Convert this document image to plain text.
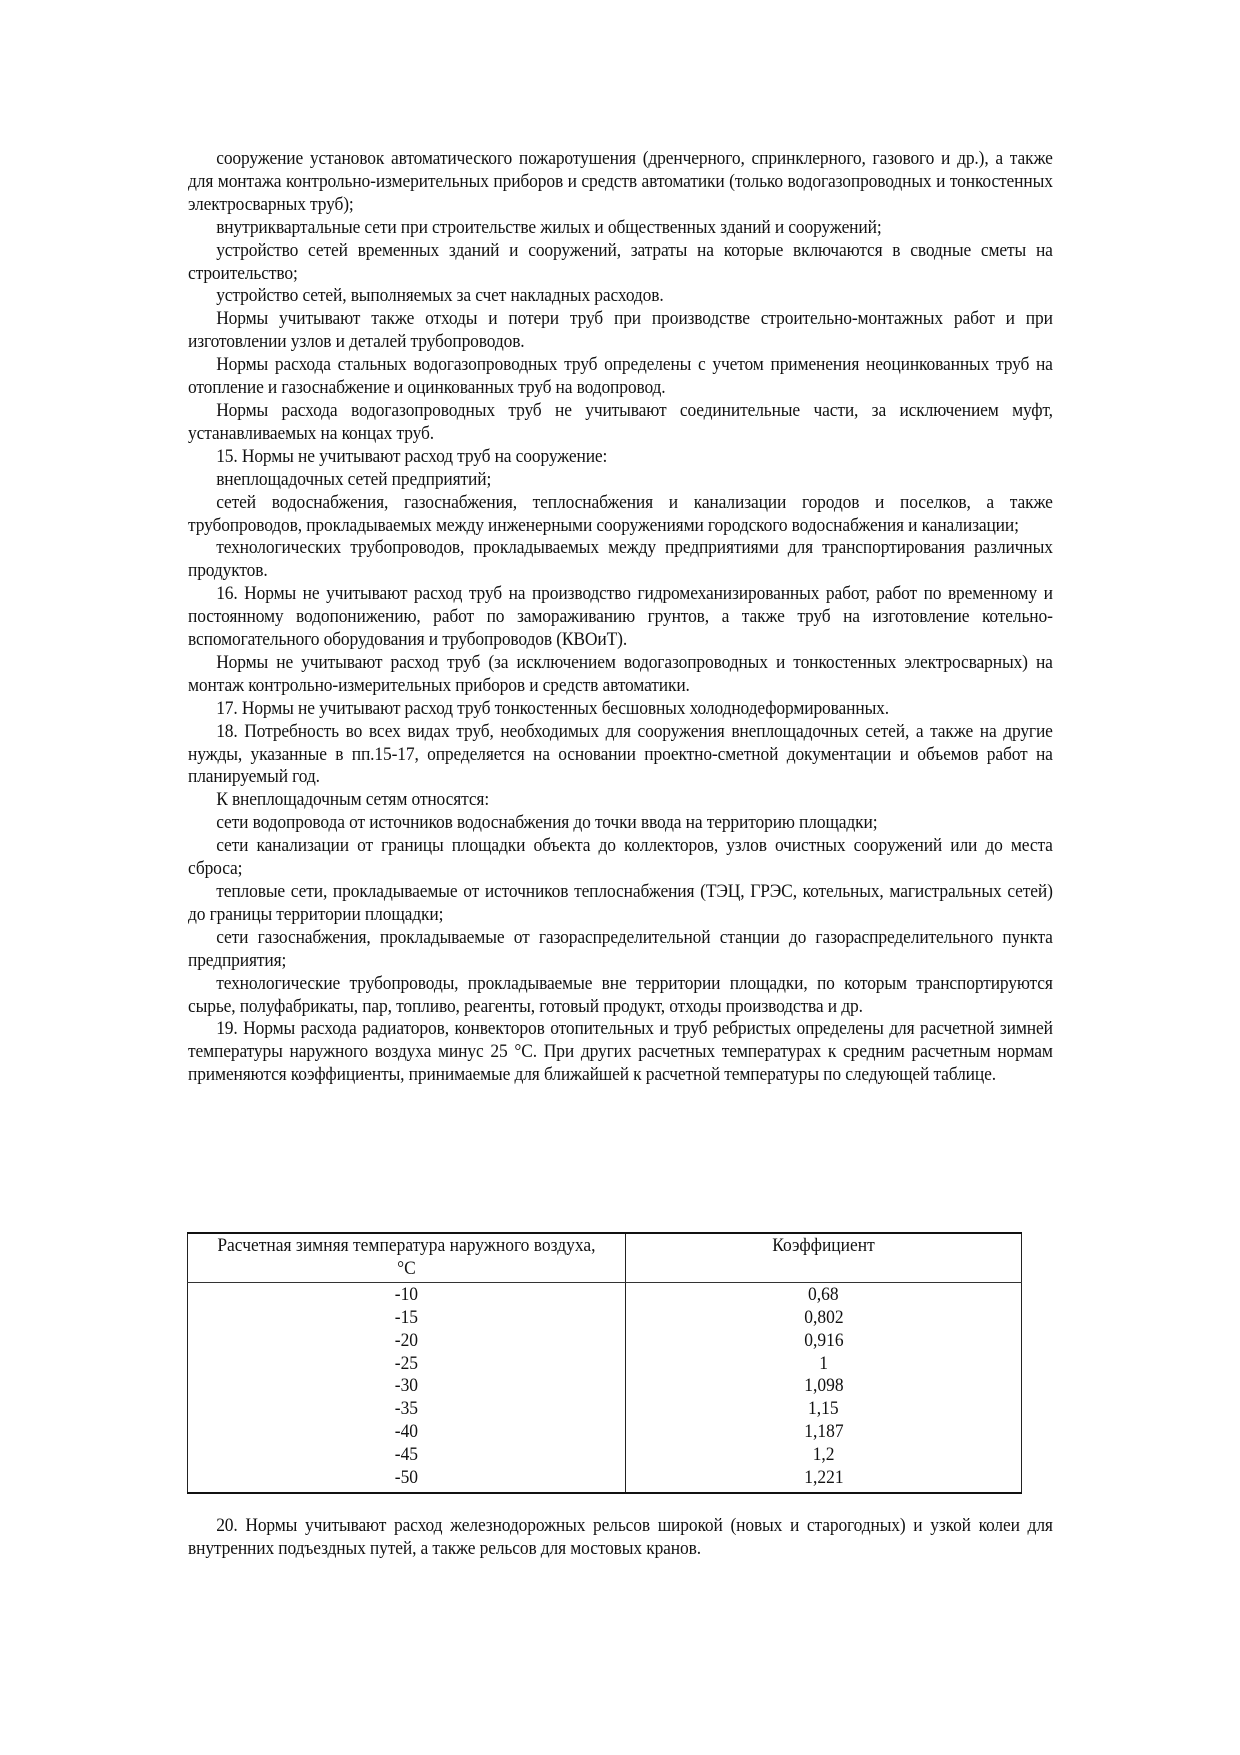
сооружение установок автоматического пожаротушения (дренчерного, спринклерного, газового и др.), а также для монтажа контрольно-измерительных приборов и средств автоматики (только водогазопроводных и тонкостенных электросварных труб);

внутриквартальные сети при строительстве жилых и общественных зданий и сооружений;

устройство сетей временных зданий и сооружений, затраты на которые включаются в сводные сметы на строительство;

устройство сетей, выполняемых за счет накладных расходов.

Нормы учитывают также отходы и потери труб при производстве строительно-монтажных работ и при изготовлении узлов и деталей трубопроводов.

Нормы расхода стальных водогазопроводных труб определены с учетом применения неоцинкованных труб на отопление и газоснабжение и оцинкованных труб на водопровод.

Нормы расхода водогазопроводных труб не учитывают соединительные части, за исключением муфт, устанавливаемых на концах труб.

15. Нормы не учитывают расход труб на сооружение:

внеплощадочных сетей предприятий;

сетей водоснабжения, газоснабжения, теплоснабжения и канализации городов и поселков, а также трубопроводов, прокладываемых между инженерными сооружениями городского водоснабжения и канализации;

технологических трубопроводов, прокладываемых между предприятиями для транспортирования различных продуктов.

16. Нормы не учитывают расход труб на производство гидромеханизированных работ, работ по временному и постоянному водопонижению, работ по замораживанию грунтов, а также труб на изготовление котельно-вспомогательного оборудования и трубопроводов (КВОиТ).

Нормы не учитывают расход труб (за исключением водогазопроводных и тонкостенных электросварных) на монтаж контрольно-измерительных приборов и средств автоматики.

17. Нормы не учитывают расход труб тонкостенных бесшовных холоднодеформированных.

18. Потребность во всех видах труб, необходимых для сооружения внеплощадочных сетей, а также на другие нужды, указанные в пп.15-17, определяется на основании проектно-сметной документации и объемов работ на планируемый год.

К внеплощадочным сетям относятся:

сети водопровода от источников водоснабжения до точки ввода на территорию площадки;

сети канализации от границы площадки объекта до коллекторов, узлов очистных сооружений или до места сброса;

тепловые сети, прокладываемые от источников теплоснабжения (ТЭЦ, ГРЭС, котельных, магистральных сетей) до границы территории площадки;

сети газоснабжения, прокладываемые от газораспределительной станции до газораспределительного пункта предприятия;

технологические трубопроводы, прокладываемые вне территории площадки, по которым транспортируются сырье, полуфабрикаты, пар, топливо, реагенты, готовый продукт, отходы производства и др.

19. Нормы расхода радиаторов, конвекторов отопительных и труб ребристых определены для расчетной зимней температуры наружного воздуха минус 25 °С. При других расчетных температурах к средним расчетным нормам применяются коэффициенты, принимаемые для ближайшей к расчетной температуры по следующей таблице.

Расчетная зимняя температура наружного воздуха, °С	Коэффициент
-10	0,68
-15	0,802
-20	0,916
-25	1
-30	1,098
-35	1,15
-40	1,187
-45	1,2
-50	1,221

20. Нормы учитывают расход железнодорожных рельсов широкой (новых и старогодных) и узкой колеи для внутренних подъездных путей, а также рельсов для мостовых кранов.
